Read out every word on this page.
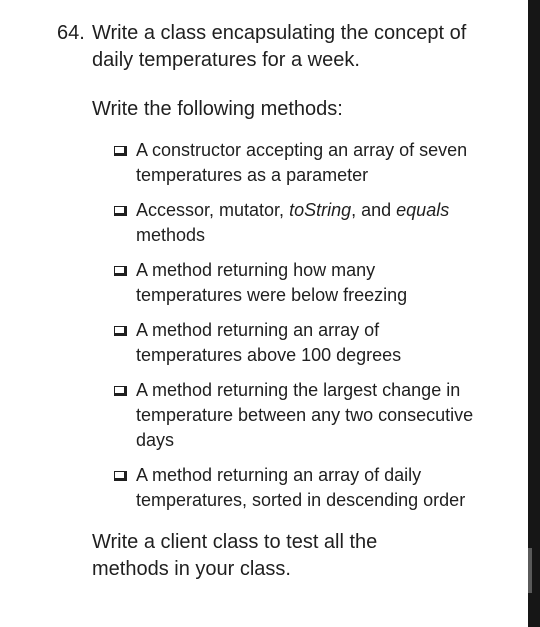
64. Write a class encapsulating the concept of daily temperatures for a week.
Write the following methods:
A constructor accepting an array of seven temperatures as a parameter
Accessor, mutator, toString, and equals methods
A method returning how many temperatures were below freezing
A method returning an array of temperatures above 100 degrees
A method returning the largest change in temperature between any two consecutive days
A method returning an array of daily temperatures, sorted in descending order
Write a client class to test all the methods in your class.
